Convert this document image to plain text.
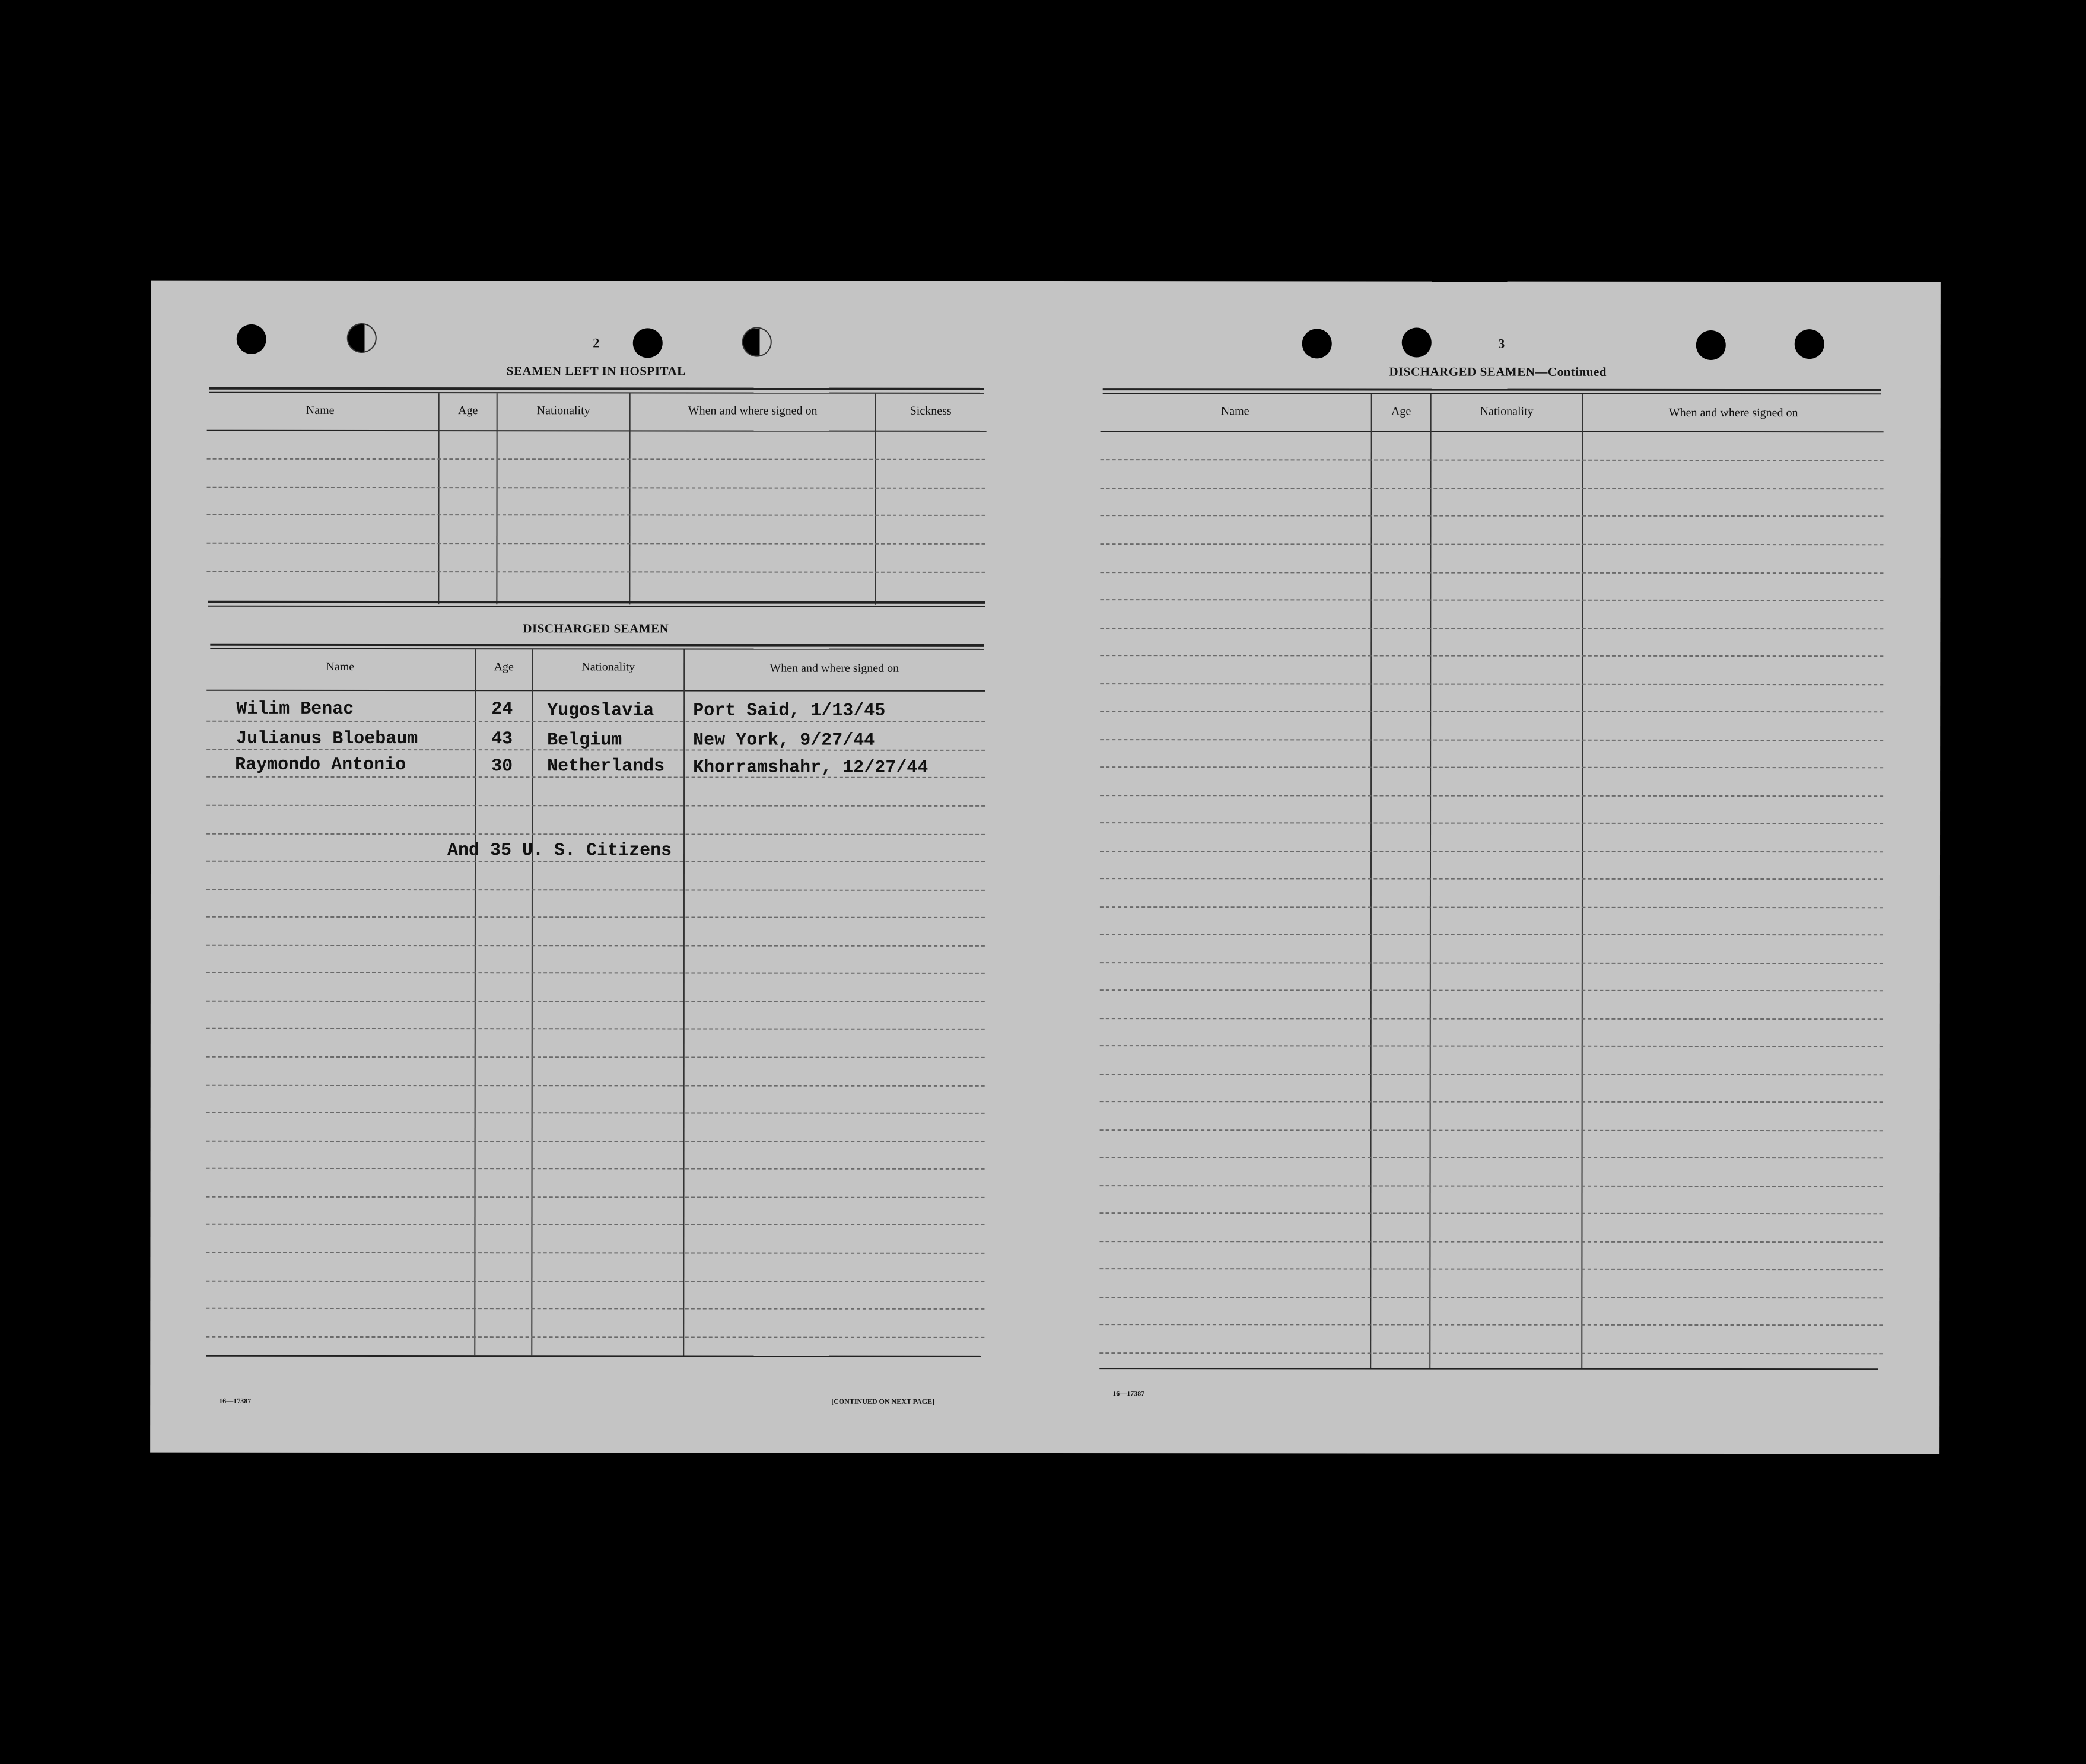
2
SEAMEN LEFT IN HOSPITAL
Name	Age	Nationality	When and where signed on	Sickness
DISCHARGED SEAMEN
Name	Age	Nationality	When and where signed on
Wilim Benac	24 Yugoslavia Port Said, 1/13/45
Julianus Bloebaum	43 Belgium	New York, 9/27/44
Raymondo Antonio	30 Netherlands Khorramshahr, 12/27/44
And 35 U. S. Citizens
16—17387	[CONTINUED ON NEXT PAGE]
3
DISCHARGED SEAMEN—Continued
Name	Age	Nationality	When and where signed on
16—17387
